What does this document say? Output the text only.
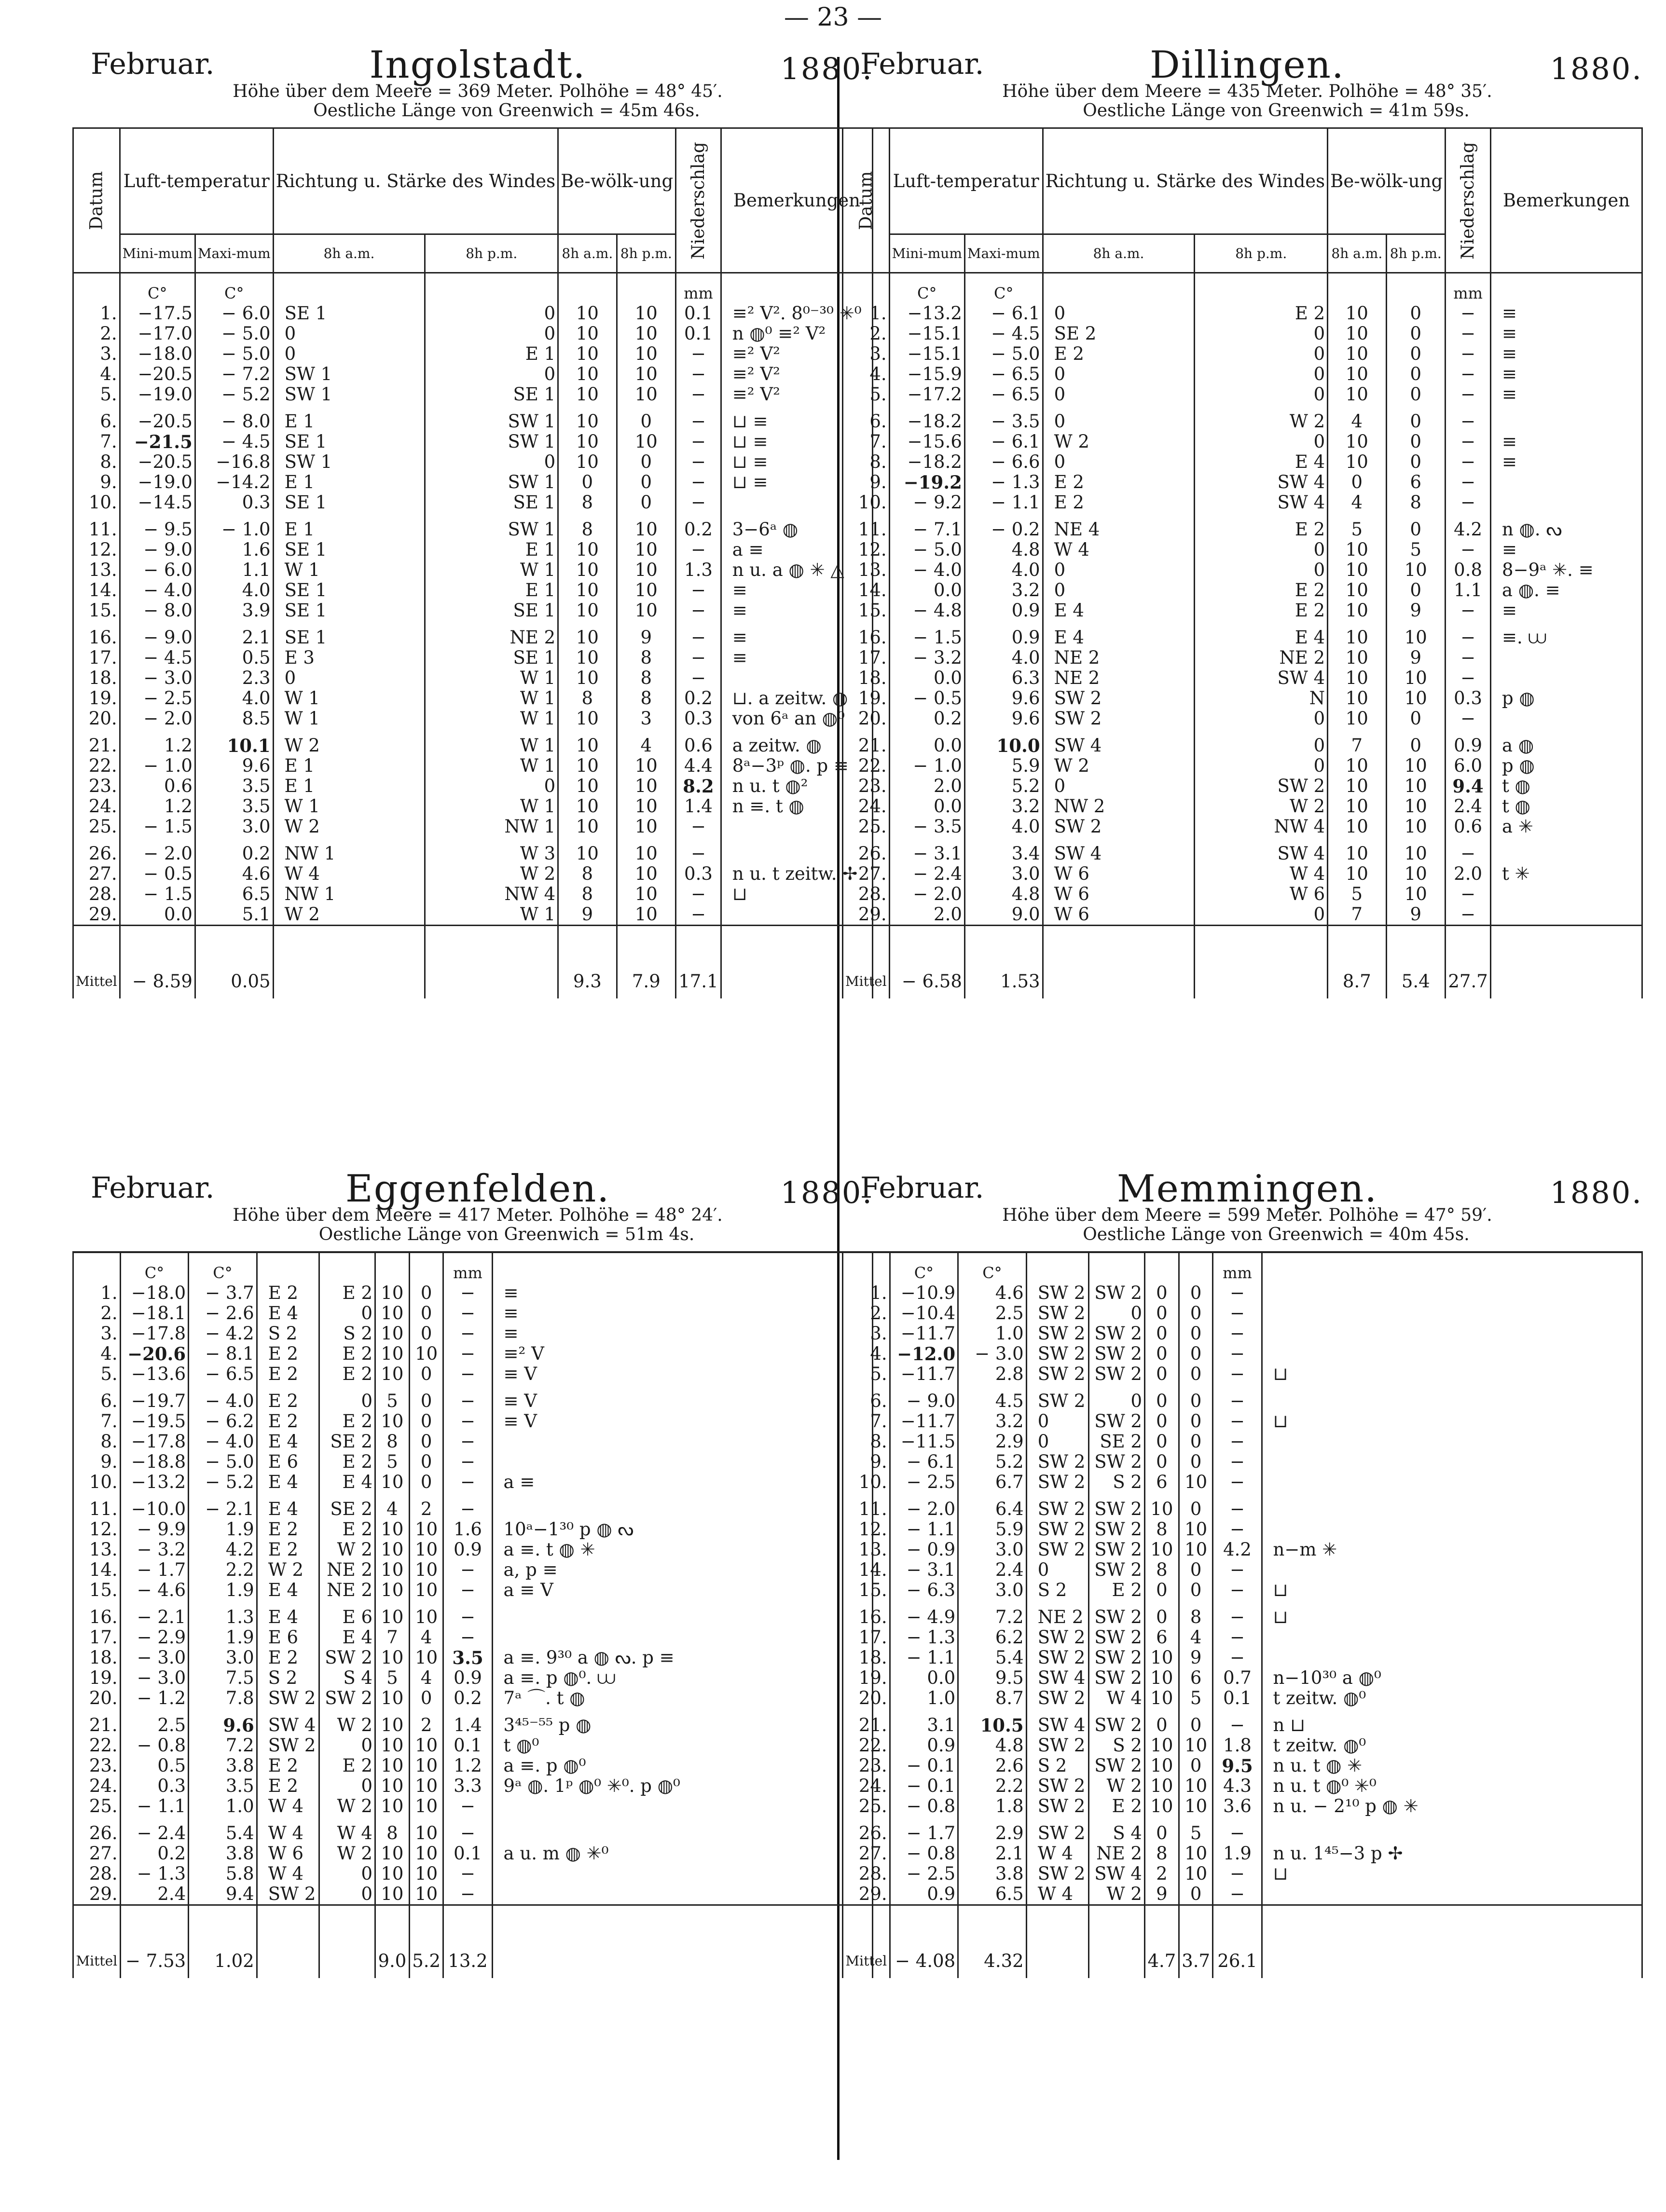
— 23 —
Februar.	Ingolstadt.	1880.
Höhe über dem Meere = 369 Meter. Polhöhe = 48° 45′.
Oestliche Länge von Greenwich = 45m 46s.
Datum	Luft-temperatur		Richtung u. Stärke des Windes		Be-wölk-ung		Niederschlag	Bemerkungen
	Mini-mum	Maxi-mum	8h a.m.	8h p.m.	8h a.m.	8h p.m.		
	C°	C°					mm	
1.	−17.5	− 6.0	SE 1	0	10	10	0.1	≡² V². 8⁰⁻³⁰ ✳⁰
2.	−17.0	− 5.0	0	0	10	10	0.1	n ◍⁰ ≡² V²
3.	−18.0	− 5.0	0	E 1	10	10	−	≡² V²
4.	−20.5	− 7.2	SW 1	0	10	10	−	≡² V²
5.	−19.0	− 5.2	SW 1	SE 1	10	10	−	≡² V²
6.	−20.5	− 8.0	E 1	SW 1	10	0	−	⊔ ≡
7.	−21.5	− 4.5	SE 1	SW 1	10	10	−	⊔ ≡
8.	−20.5	−16.8	SW 1	0	10	0	−	⊔ ≡
9.	−19.0	−14.2	E 1	SW 1	0	0	−	⊔ ≡
10.	−14.5	0.3	SE 1	SE 1	8	0	−	
11.	− 9.5	− 1.0	E 1	SW 1	8	10	0.2	3−6ᵃ ◍
12.	− 9.0	1.6	SE 1	E 1	10	10	−	a ≡
13.	− 6.0	1.1	W 1	W 1	10	10	1.3	n u. a ◍ ✳ △
14.	− 4.0	4.0	SE 1	E 1	10	10	−	≡
15.	− 8.0	3.9	SE 1	SE 1	10	10	−	≡
16.	− 9.0	2.1	SE 1	NE 2	10	9	−	≡
17.	− 4.5	0.5	E 3	SE 1	10	8	−	≡
18.	− 3.0	2.3	0	W 1	10	8	−	
19.	− 2.5	4.0	W 1	W 1	8	8	0.2	⊔. a zeitw. ◍
20.	− 2.0	8.5	W 1	W 1	10	3	0.3	von 6ᵃ an ◍⁰
21.	1.2	10.1	W 2	W 1	10	4	0.6	a zeitw. ◍
22.	− 1.0	9.6	E 1	W 1	10	10	4.4	8ᵃ−3ᵖ ◍. p ≡
23.	0.6	3.5	E 1	0	10	10	8.2	n u. t ◍²
24.	1.2	3.5	W 1	W 1	10	10	1.4	n ≡. t ◍
25.	− 1.5	3.0	W 2	NW 1	10	10	−	
26.	− 2.0	0.2	NW 1	W 3	10	10	−	
27.	− 0.5	4.6	W 4	W 2	8	10	0.3	n u. t zeitw. ✢
28.	− 1.5	6.5	NW 1	NW 4	8	10	−	⊔
29.	0.0	5.1	W 2	W 1	9	10	−	
Mittel	− 8.59	0.05			9.3	7.9	17.1	
Februar.	Dillingen.	1880.
Höhe über dem Meere = 435 Meter. Polhöhe = 48° 35′.
Oestliche Länge von Greenwich = 41m 59s.
Datum	Luft-temperatur		Richtung u. Stärke des Windes		Be-wölk-ung		Niederschlag	Bemerkungen
	Mini-mum	Maxi-mum	8h a.m.	8h p.m.	8h a.m.	8h p.m.		
	C°	C°					mm	
1.	−13.2	− 6.1	0	E 2	10	0	−	≡
2.	−15.1	− 4.5	SE 2	0	10	0	−	≡
3.	−15.1	− 5.0	E 2	0	10	0	−	≡
4.	−15.9	− 6.5	0	0	10	0	−	≡
5.	−17.2	− 6.5	0	0	10	0	−	≡
6.	−18.2	− 3.5	0	W 2	4	0	−	
7.	−15.6	− 6.1	W 2	0	10	0	−	≡
8.	−18.2	− 6.6	0	E 4	10	0	−	≡
9.	−19.2	− 1.3	E 2	SW 4	0	6	−	
10.	− 9.2	− 1.1	E 2	SW 4	4	8	−	
11.	− 7.1	− 0.2	NE 4	E 2	5	0	4.2	n ◍. ᔓ
12.	− 5.0	4.8	W 4	0	10	5	−	≡
13.	− 4.0	4.0	0	0	10	10	0.8	8−9ᵃ ✳. ≡
14.	0.0	3.2	0	E 2	10	0	1.1	a ◍. ≡
15.	− 4.8	0.9	E 4	E 2	10	9	−	≡
16.	− 1.5	0.9	E 4	E 4	10	10	−	≡. ⩊
17.	− 3.2	4.0	NE 2	NE 2	10	9	−	
18.	0.0	6.3	NE 2	SW 4	10	10	−	
19.	− 0.5	9.6	SW 2	N	10	10	0.3	p ◍
20.	0.2	9.6	SW 2	0	10	0	−	
21.	0.0	10.0	SW 4	0	7	0	0.9	a ◍
22.	− 1.0	5.9	W 2	0	10	10	6.0	p ◍
23.	2.0	5.2	0	SW 2	10	10	9.4	t ◍
24.	0.0	3.2	NW 2	W 2	10	10	2.4	t ◍
25.	− 3.5	4.0	SW 2	NW 4	10	10	0.6	a ✳
26.	− 3.1	3.4	SW 4	SW 4	10	10	−	
27.	− 2.4	3.0	W 6	W 4	10	10	2.0	t ✳
28.	− 2.0	4.8	W 6	W 6	5	10	−	
29.	2.0	9.0	W 6	0	7	9	−	
Mittel	− 6.58	1.53			8.7	5.4	27.7	
Februar.	Eggenfelden.	1880.
Höhe über dem Meere = 417 Meter. Polhöhe = 48° 24′.
Oestliche Länge von Greenwich = 51m 4s.
	C°	C°					mm	
1.	−18.0	− 3.7	E 2	E 2	10	0	−	≡
2.	−18.1	− 2.6	E 4	0	10	0	−	≡
3.	−17.8	− 4.2	S 2	S 2	10	0	−	≡
4.	−20.6	− 8.1	E 2	E 2	10	10	−	≡² V
5.	−13.6	− 6.5	E 2	E 2	10	0	−	≡ V
6.	−19.7	− 4.0	E 2	0	5	0	−	≡ V
7.	−19.5	− 6.2	E 2	E 2	10	0	−	≡ V
8.	−17.8	− 4.0	E 4	SE 2	8	0	−	
9.	−18.8	− 5.0	E 6	E 2	5	0	−	
10.	−13.2	− 5.2	E 4	E 4	10	0	−	a ≡
11.	−10.0	− 2.1	E 4	SE 2	4	2	−	
12.	− 9.9	1.9	E 2	E 2	10	10	1.6	10ᵃ−1³⁰ p ◍ ᔓ
13.	− 3.2	4.2	E 2	W 2	10	10	0.9	a ≡. t ◍ ✳
14.	− 1.7	2.2	W 2	NE 2	10	10	−	a, p ≡
15.	− 4.6	1.9	E 4	NE 2	10	10	−	a ≡ V
16.	− 2.1	1.3	E 4	E 6	10	10	−	
17.	− 2.9	1.9	E 6	E 4	7	4	−	
18.	− 3.0	3.0	E 2	SW 2	10	10	3.5	a ≡. 9³⁰ a ◍ ᔓ. p ≡
19.	− 3.0	7.5	S 2	S 4	5	4	0.9	a ≡. p ◍⁰. ⩊
20.	− 1.2	7.8	SW 2	SW 2	10	0	0.2	7ᵃ ⌒. t ◍
21.	2.5	9.6	SW 4	W 2	10	2	1.4	3⁴⁵⁻⁵⁵ p ◍
22.	− 0.8	7.2	SW 2	0	10	10	0.1	t ◍⁰
23.	0.5	3.8	E 2	E 2	10	10	1.2	a ≡. p ◍⁰
24.	0.3	3.5	E 2	0	10	10	3.3	9ᵃ ◍. 1ᵖ ◍⁰ ✳⁰. p ◍⁰
25.	− 1.1	1.0	W 4	W 2	10	10	−	
26.	− 2.4	5.4	W 4	W 4	8	10	−	
27.	0.2	3.8	W 6	W 2	10	10	0.1	a u. m ◍ ✳⁰
28.	− 1.3	5.8	W 4	0	10	10	−	
29.	2.4	9.4	SW 2	0	10	10	−	
Mittel	− 7.53	1.02			9.0	5.2	13.2	
Februar.	Memmingen.	1880.
Höhe über dem Meere = 599 Meter. Polhöhe = 47° 59′.
Oestliche Länge von Greenwich = 40m 45s.
	C°	C°					mm	
1.	−10.9	4.6	SW 2	SW 2	0	0	−	
2.	−10.4	2.5	SW 2	0	0	0	−	
3.	−11.7	1.0	SW 2	SW 2	0	0	−	
4.	−12.0	− 3.0	SW 2	SW 2	0	0	−	
5.	−11.7	2.8	SW 2	SW 2	0	0	−	⊔
6.	− 9.0	4.5	SW 2	0	0	0	−	
7.	−11.7	3.2	0	SW 2	0	0	−	⊔
8.	−11.5	2.9	0	SE 2	0	0	−	
9.	− 6.1	5.2	SW 2	SW 2	0	0	−	
10.	− 2.5	6.7	SW 2	S 2	6	10	−	
11.	− 2.0	6.4	SW 2	SW 2	10	0	−	
12.	− 1.1	5.9	SW 2	SW 2	8	10	−	
13.	− 0.9	3.0	SW 2	SW 2	10	10	4.2	n−m ✳
14.	− 3.1	2.4	0	SW 2	8	0	−	
15.	− 6.3	3.0	S 2	E 2	0	0	−	⊔
16.	− 4.9	7.2	NE 2	SW 2	0	8	−	⊔
17.	− 1.3	6.2	SW 2	SW 2	6	4	−	
18.	− 1.1	5.4	SW 2	SW 2	10	9	−	
19.	0.0	9.5	SW 4	SW 2	10	6	0.7	n−10³⁰ a ◍⁰
20.	1.0	8.7	SW 2	W 4	10	5	0.1	t zeitw. ◍⁰
21.	3.1	10.5	SW 4	SW 2	0	0	−	n ⊔
22.	0.9	4.8	SW 2	S 2	10	10	1.8	t zeitw. ◍⁰
23.	− 0.1	2.6	S 2	SW 2	10	0	9.5	n u. t ◍ ✳
24.	− 0.1	2.2	SW 2	W 2	10	10	4.3	n u. t ◍⁰ ✳⁰
25.	− 0.8	1.8	SW 2	E 2	10	10	3.6	n u. − 2¹⁰ p ◍ ✳
26.	− 1.7	2.9	SW 2	S 4	0	5	−	
27.	− 0.8	2.1	W 4	NE 2	8	10	1.9	n u. 1⁴⁵−3 p ✢
28.	− 2.5	3.8	SW 2	SW 4	2	10	−	⊔
29.	0.9	6.5	W 4	W 2	9	0	−	
Mittel	− 4.08	4.32			4.7	3.7	26.1	
